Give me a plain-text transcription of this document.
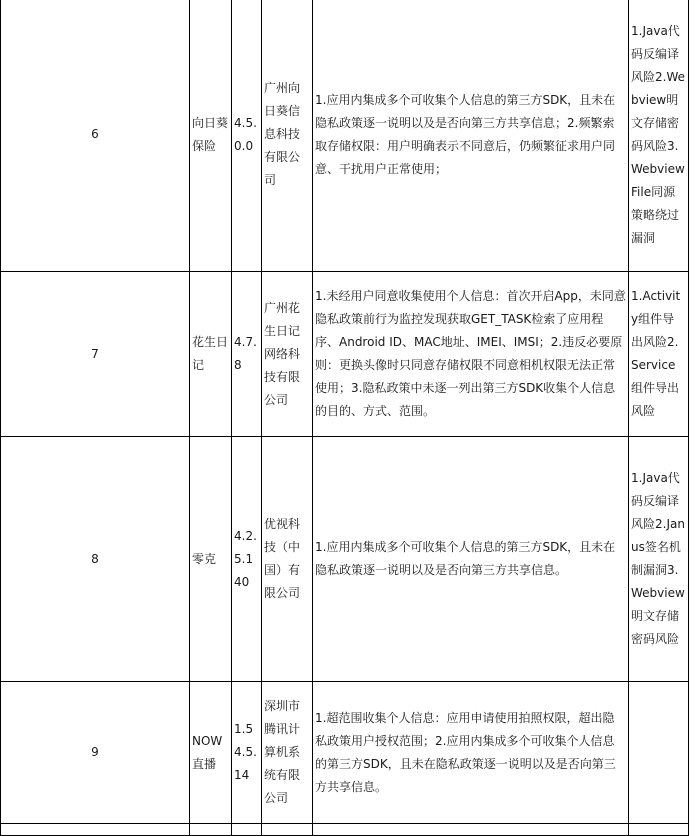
6	向日葵保险	4.5.0.0	广州向日葵信息科技有限公司	1.应用内集成多个可收集个人信息的第三方SDK，且未在隐私政策逐一说明以及是否向第三方共享信息；2.频繁索取存储权限：用户明确表示不同意后，仍频繁征求用户同意、干扰用户正常使用；	1.Java代码反编译风险2.Webview明文存储密码风险3.Webview File同源策略绕过漏洞
7	花生日记	4.7.8	广州花生日记网络科技有限公司	1.未经用户同意收集使用个人信息：首次开启App，未同意隐私政策前行为监控发现获取GET_TASK检索了应用程序、Android ID、MAC地址、IMEI、IMSI；2.违反必要原则：更换头像时只同意存储权限不同意相机权限无法正常使用；3.隐私政策中未逐一列出第三方SDK收集个人信息的目的、方式、范围。	1.Activity组件导出风险2.Service组件导出风险
8	零克	4.2.5.140	优视科技（中国）有限公司	1.应用内集成多个可收集个人信息的第三方SDK，且未在隐私政策逐一说明以及是否向第三方共享信息。	1.Java代码反编译风险2.Janus签名机制漏洞3.Webview明文存储密码风险
9	NOW直播	1.54.5.14	深圳市腾讯计算机系统有限公司	1.超范围收集个人信息：应用申请使用拍照权限，超出隐私政策用户授权范围；2.应用内集成多个可收集个人信息的第三方SDK，且未在隐私政策逐一说明以及是否向第三方共享信息。	
